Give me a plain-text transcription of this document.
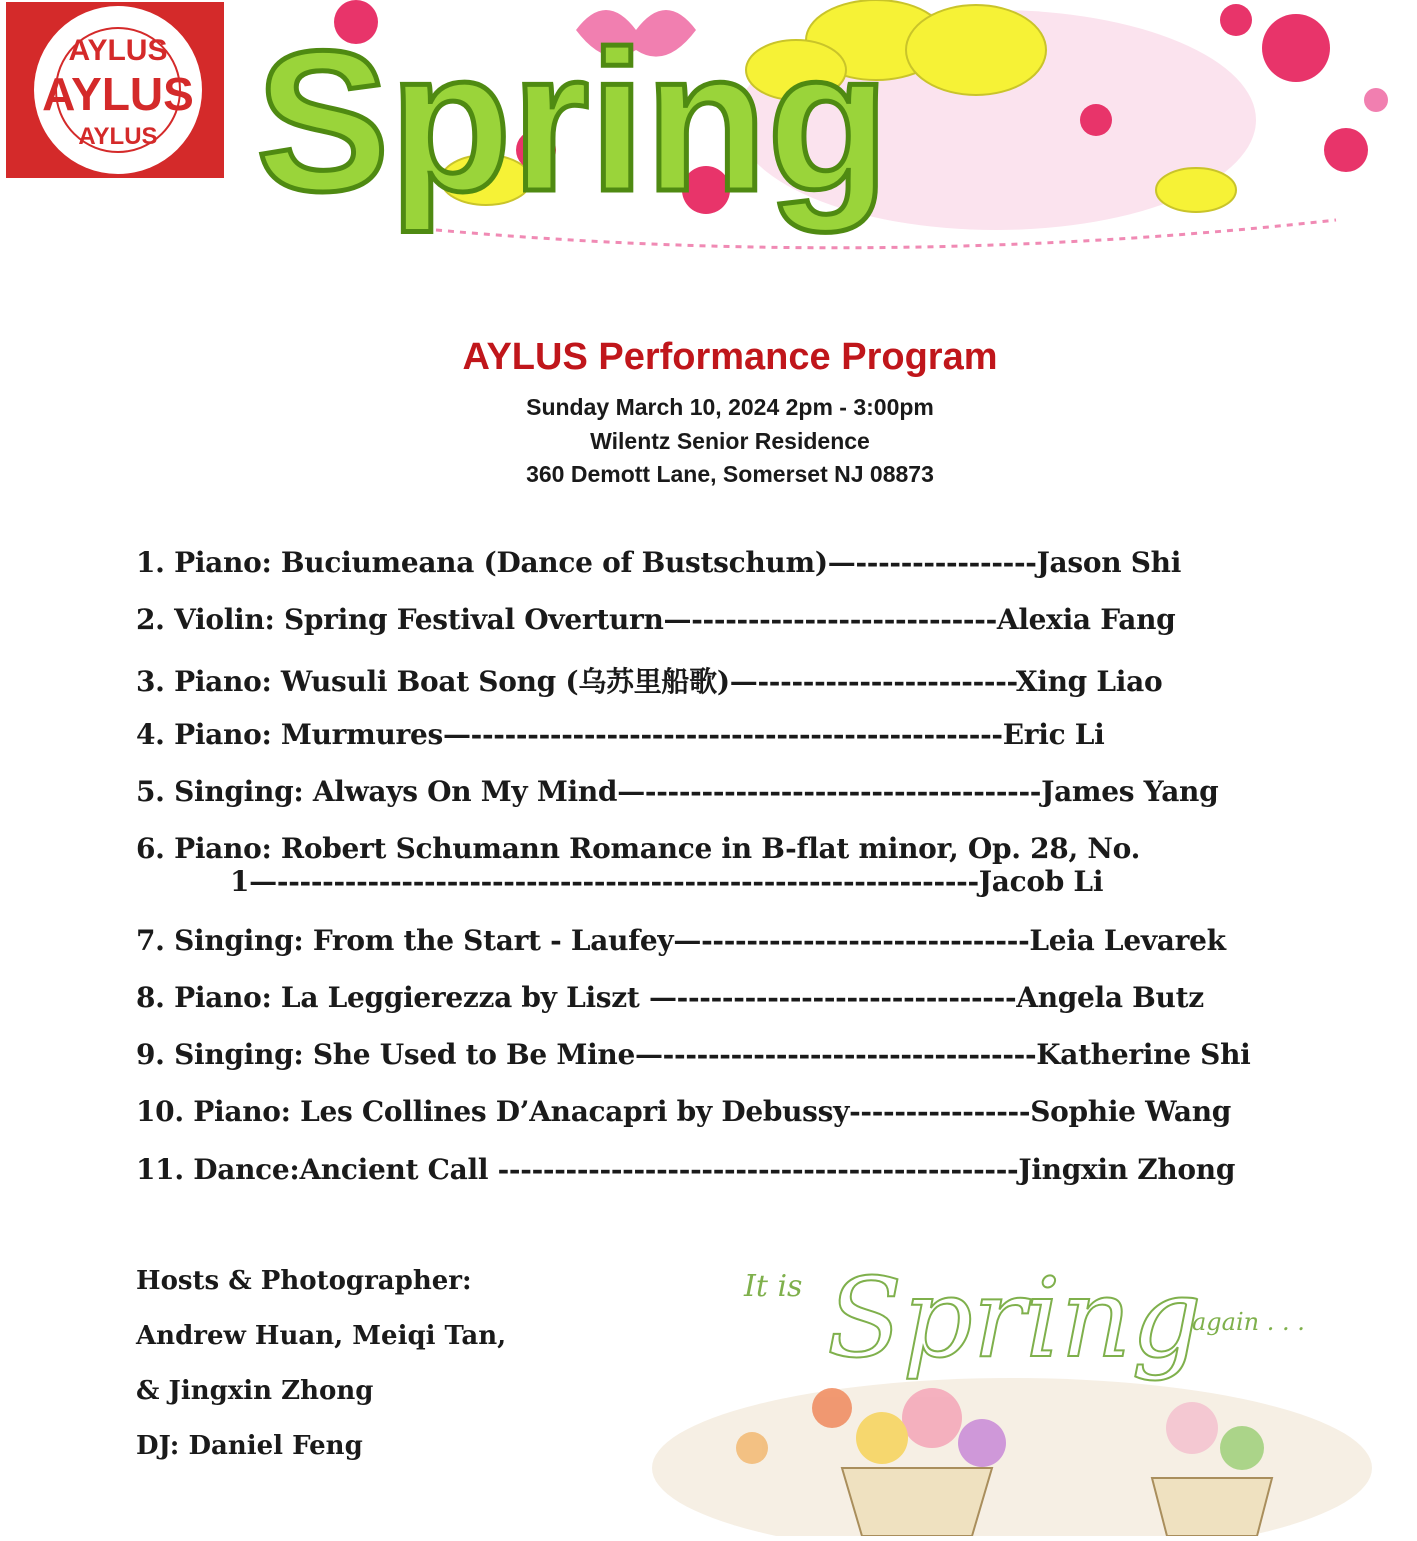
AYLUS
AYLUS
AYLUS Spring
AYLUS Performance Program
Sunday March 10, 2024 2pm - 3:00pm
Wilentz Senior Residence
360 Demott Lane, Somerset NJ 08873
1. Piano: Buciumeana (Dance of Bustschum)—----------------Jason Shi
2. Violin: Spring Festival Overturn—---------------------------Alexia Fang
3. Piano: Wusuli Boat Song (乌苏里船歌)—-----------------------Xing Liao
4. Piano: Murmures—-----------------------------------------------Eric Li
5. Singing: Always On My Mind—-----------------------------------James Yang
6. Piano: Robert Schumann Romance in B-flat minor, Op. 28, No.
1—--------------------------------------------------------------Jacob Li
7. Singing: From the Start - Laufey—-----------------------------Leia Levarek
8. Piano: La Leggierezza by Liszt —------------------------------Angela Butz
9. Singing: She Used to Be Mine—---------------------------------Katherine Shi
10. Piano: Les Collines D’Anacapri by Debussy----------------Sophie Wang
11. Dance:Ancient Call ----------------------------------------------Jingxin Zhong
Hosts & Photographer:
Andrew Huan, Meiqi Tan,
& Jingxin Zhong
DJ: Daniel Feng
It is Spring
again . . .
